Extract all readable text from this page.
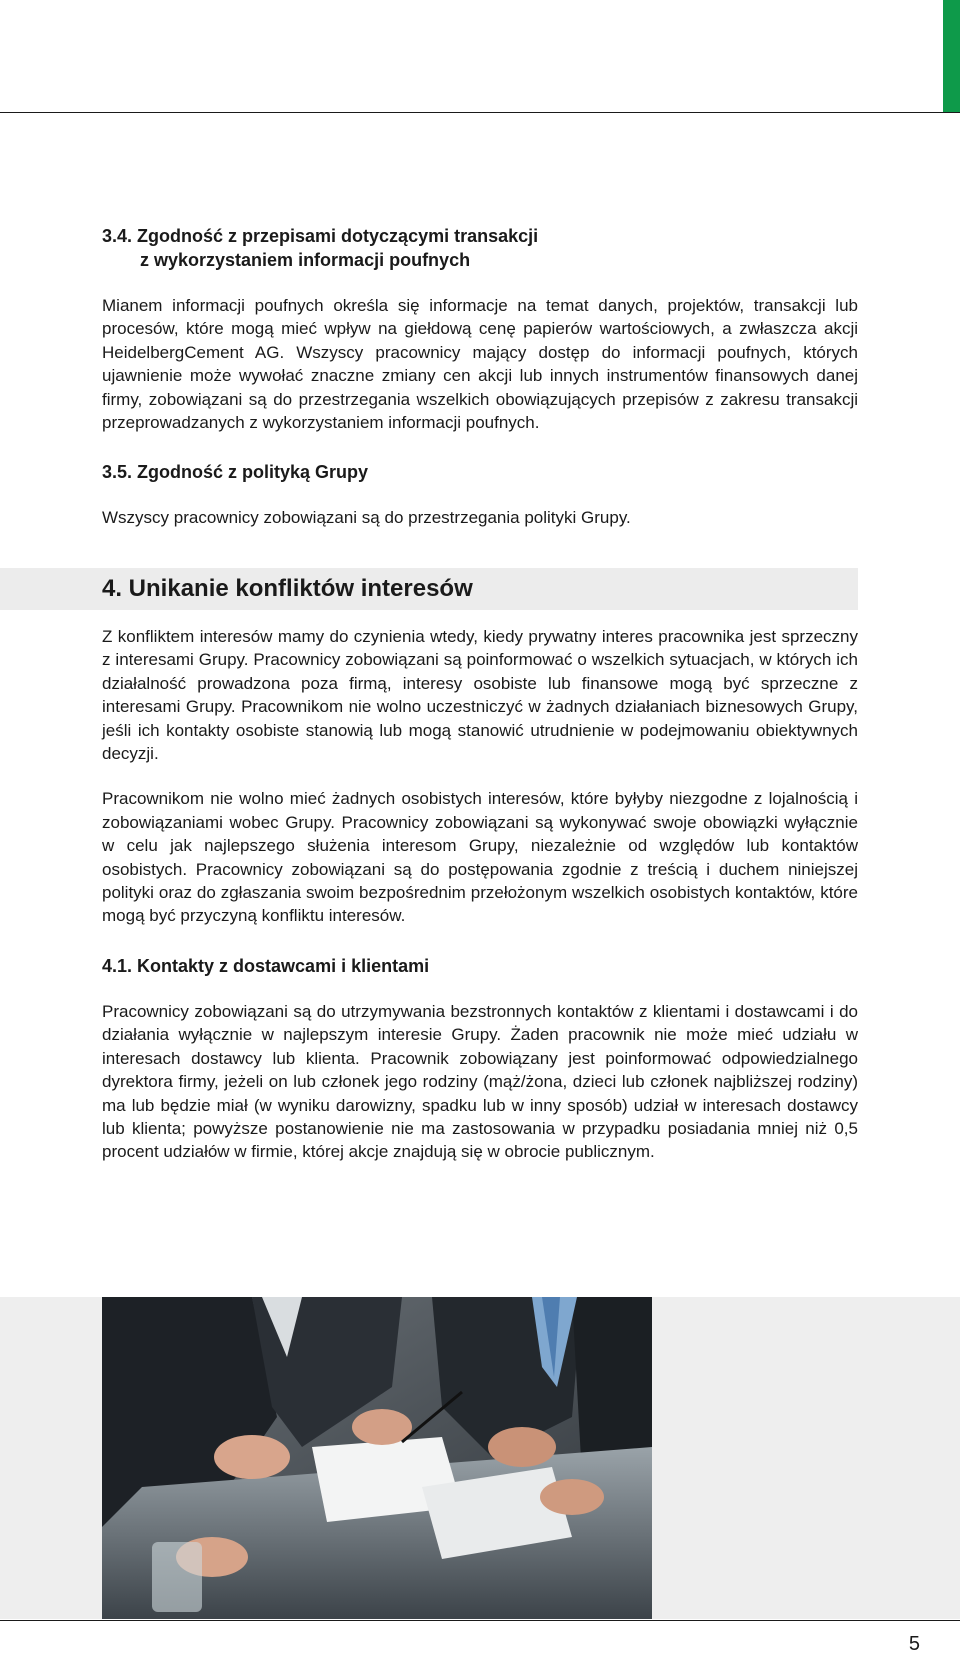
3.4. Zgodność z przepisami dotyczącymi transakcji
z wykorzystaniem informacji poufnych

Mianem informacji poufnych określa się informacje na temat danych, projektów, transakcji lub procesów, które mogą mieć wpływ na giełdową cenę papierów wartościowych, a zwłaszcza akcji HeidelbergCement AG. Wszyscy pracownicy mający dostęp do informacji poufnych, których ujawnienie może wywołać znaczne zmiany cen akcji lub innych instrumentów finansowych danej firmy, zobowiązani są do przestrzegania wszelkich obowiązujących przepisów z zakresu transakcji przeprowadzanych z wykorzystaniem informacji poufnych.

3.5. Zgodność z polityką Grupy

Wszyscy pracownicy zobowiązani są do przestrzegania polityki Grupy.

4. Unikanie konfliktów interesów

Z konfliktem interesów mamy do czynienia wtedy, kiedy prywatny interes pracownika jest sprzeczny z interesami Grupy. Pracownicy zobowiązani są poinformować o wszelkich sytuacjach, w których ich działalność prowadzona poza firmą, interesy osobiste lub finansowe mogą być sprzeczne z interesami Grupy. Pracownikom nie wolno uczestniczyć w żadnych działaniach biznesowych Grupy, jeśli ich kontakty osobiste stanowią lub mogą stanowić utrudnienie w podejmowaniu obiektywnych decyzji.

Pracownikom nie wolno mieć żadnych osobistych interesów, które byłyby niezgodne z lojalnością i zobowiązaniami wobec Grupy. Pracownicy zobowiązani są wykonywać swoje obowiązki wyłącznie w celu jak najlepszego służenia interesom Grupy, niezależnie od względów lub kontaktów osobistych. Pracownicy zobowiązani są do postępowania zgodnie z treścią i duchem niniejszej polityki oraz do zgłaszania swoim bezpośrednim przełożonym wszelkich osobistych kontaktów, które mogą być przyczyną konfliktu interesów.

4.1. Kontakty z dostawcami i klientami

Pracownicy zobowiązani są do utrzymywania bezstronnych kontaktów z klientami i dostawcami i do działania wyłącznie w najlepszym interesie Grupy. Żaden pracownik nie może mieć udziału w interesach dostawcy lub klienta. Pracownik zobowiązany jest poinformować odpowiedzialnego dyrektora firmy, jeżeli on lub członek jego rodziny (mąż/żona, dzieci lub członek najbliższej rodziny) ma lub będzie miał (w wyniku darowizny, spadku lub w inny sposób) udział w interesach dostawcy lub klienta; powyższe postanowienie nie ma zastosowania w przypadku posiadania mniej niż 0,5 procent udziałów w firmie, której akcje znajdują się w obrocie publicznym.

5
